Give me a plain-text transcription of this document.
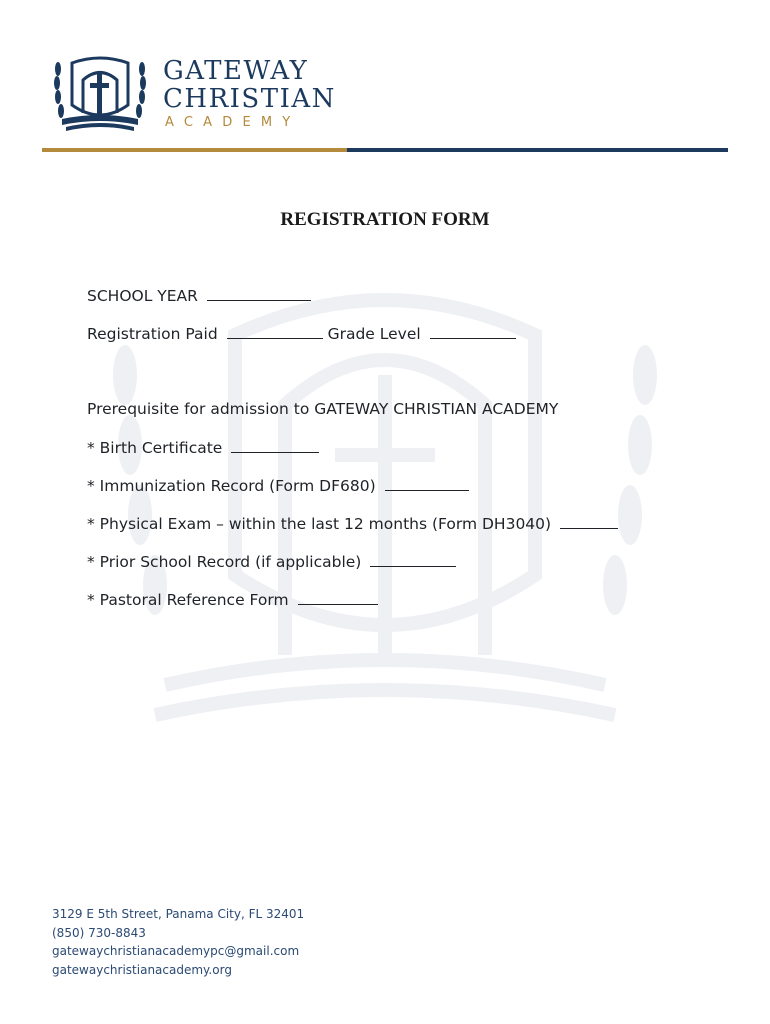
GATEWAY
CHRISTIAN
ACADEMY
REGISTRATION FORM
SCHOOL YEAR
Registration Paid	Grade Level
Prerequisite for admission to GATEWAY CHRISTIAN ACADEMY
* Birth Certificate
* Immunization Record (Form DF680)
* Physical Exam – within the last 12 months (Form DH3040)
* Prior School Record (if applicable)
* Pastoral Reference Form
3129 E 5th Street, Panama City, FL 32401
(850) 730-8843
gatewaychristianacademypc@gmail.com
gatewaychristianacademy.org
